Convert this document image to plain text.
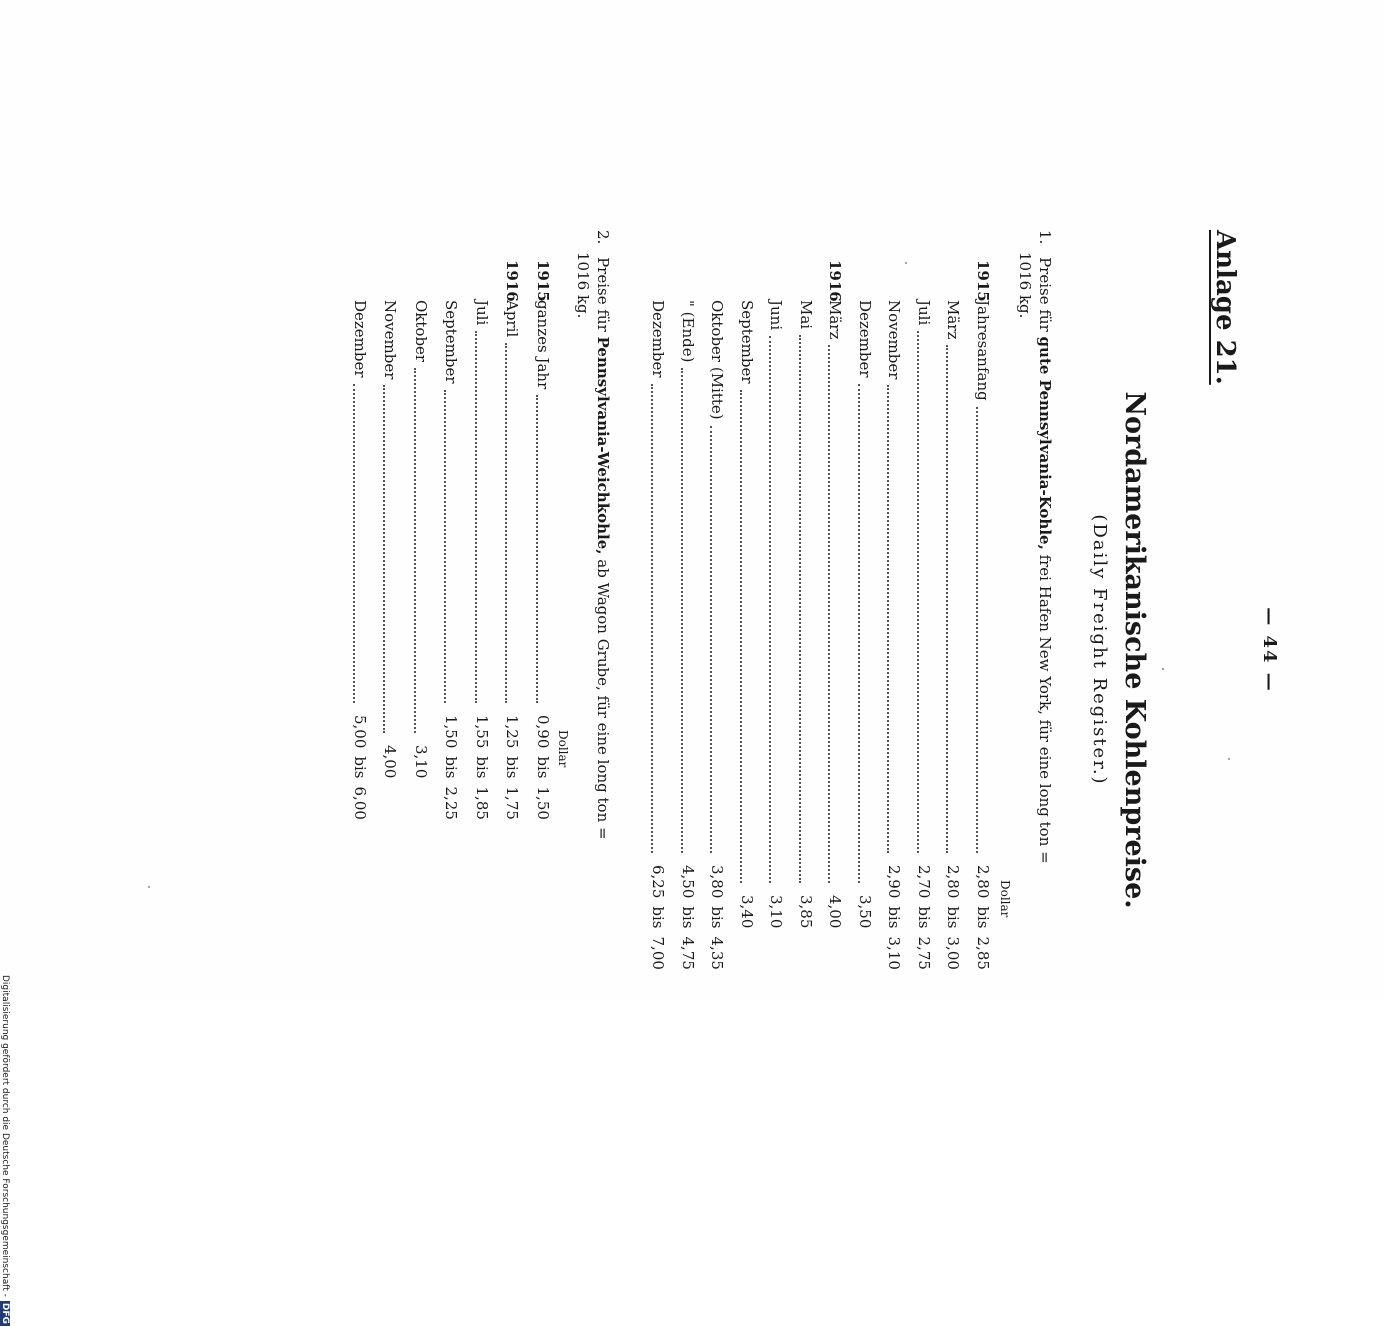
— 44 —
Anlage 21.
Nordamerikanische Kohlenpreise.
(Daily Freight Register.)
1. Preise für gute Pennsylvania-Kohle, frei Hafen New York, für eine long ton =
1016 kg.
Dollar
1915
Jahresanfang
2,80bis2,85
März
2,80bis3,00
Juli
2,70bis2,75
November
2,90bis3,10
Dezember
3,50
1916
März
4,00
Mai
3,85
Juni
3,10
September
3,40
Oktober (Mitte)
3,80bis4,35
" (Ende)
4,50bis4,75
Dezember
6,25bis7,00
2. Preise für Pennsylvania-Weichkohle, ab Wagon Grube, für eine long ton =
1016 kg.
Dollar
1915
ganzes Jahr
0,90bis1,50
1916
April
1,25bis1,75
Juli
1,55bis1,85
September
1,50bis2,25
Oktober
3,10
November
4,00
Dezember
5,00bis6,00
Digitalisierung gefördert durch die Deutsche Forschungsgemeinschaft -DFG
